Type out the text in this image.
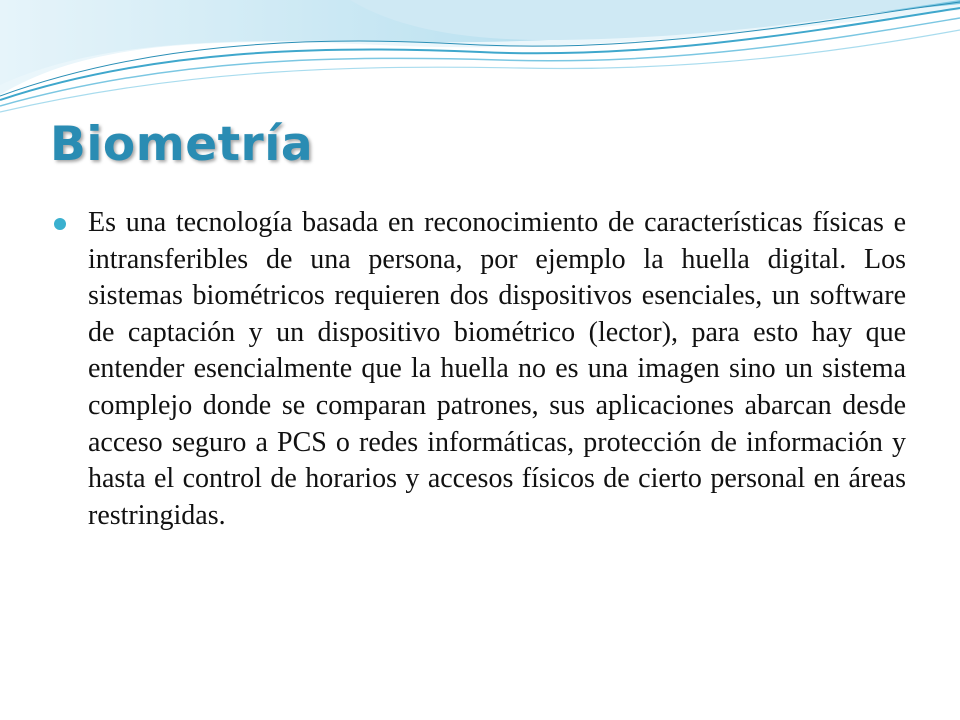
Biometría

Es una tecnología basada en reconocimiento de características físicas e intransferibles de una persona, por ejemplo la huella digital. Los sistemas biométricos requieren dos dispositivos esenciales, un software de captación y un dispositivo biométrico (lector), para esto hay que entender esencialmente que la huella no es una imagen sino un sistema complejo donde se comparan patrones, sus aplicaciones abarcan desde acceso seguro a PCS o redes informáticas, protección de información y hasta el control de horarios y accesos físicos de cierto personal en áreas restringidas.
